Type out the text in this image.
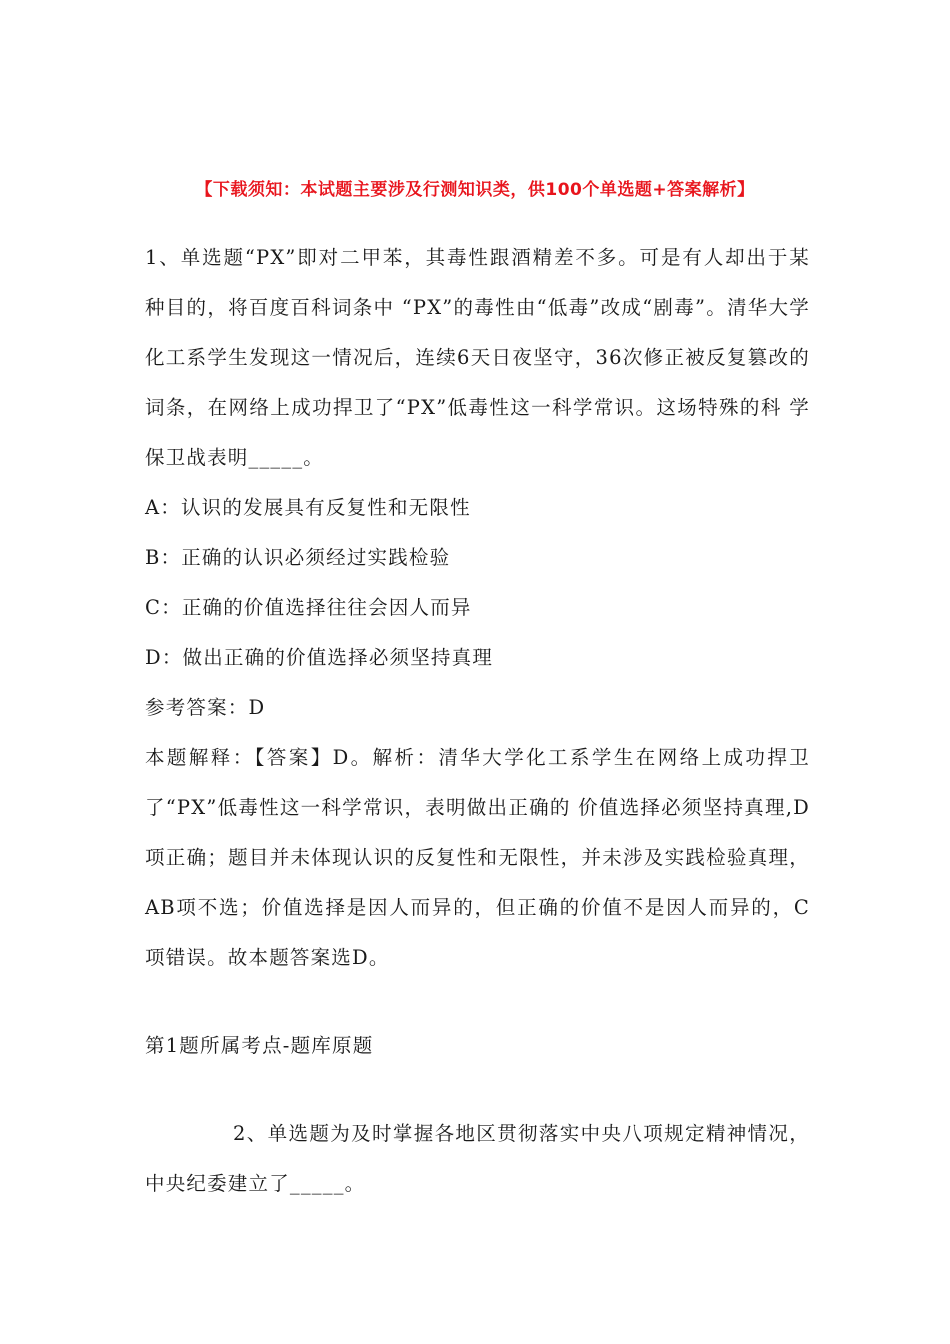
【下载须知：本试题主要涉及行测知识类，供100个单选题+答案解析】

1、单选题“PX”即对二甲苯，其毒性跟酒精差不多。可是有人却出于某种目的，将百度百科词条中 “PX”的毒性由“低毒”改成“剧毒”。清华大学化工系学生发现这一情况后，连续6天日夜坚守，36次修正被反复篡改的词条，在网络上成功捍卫了“PX”低毒性这一科学常识。这场特殊的科 学保卫战表明_____。

A：认识的发展具有反复性和无限性

B：正确的认识必须经过实践检验

C：正确的价值选择往往会因人而异

D：做出正确的价值选择必须坚持真理

参考答案：D

本题解释：【答案】D。解析：清华大学化工系学生在网络上成功捍卫了“PX”低毒性这一科学常识，表明做出正确的 价值选择必须坚持真理,D项正确；题目并未体现认识的反复性和无限性，并未涉及实践检验真理，AB项不选；价值选择是因人而异的，但正确的价值不是因人而异的，C项错误。故本题答案选D。

第1题所属考点-题库原题

2、单选题为及时掌握各地区贯彻落实中央八项规定精神情况，中央纪委建立了_____。
